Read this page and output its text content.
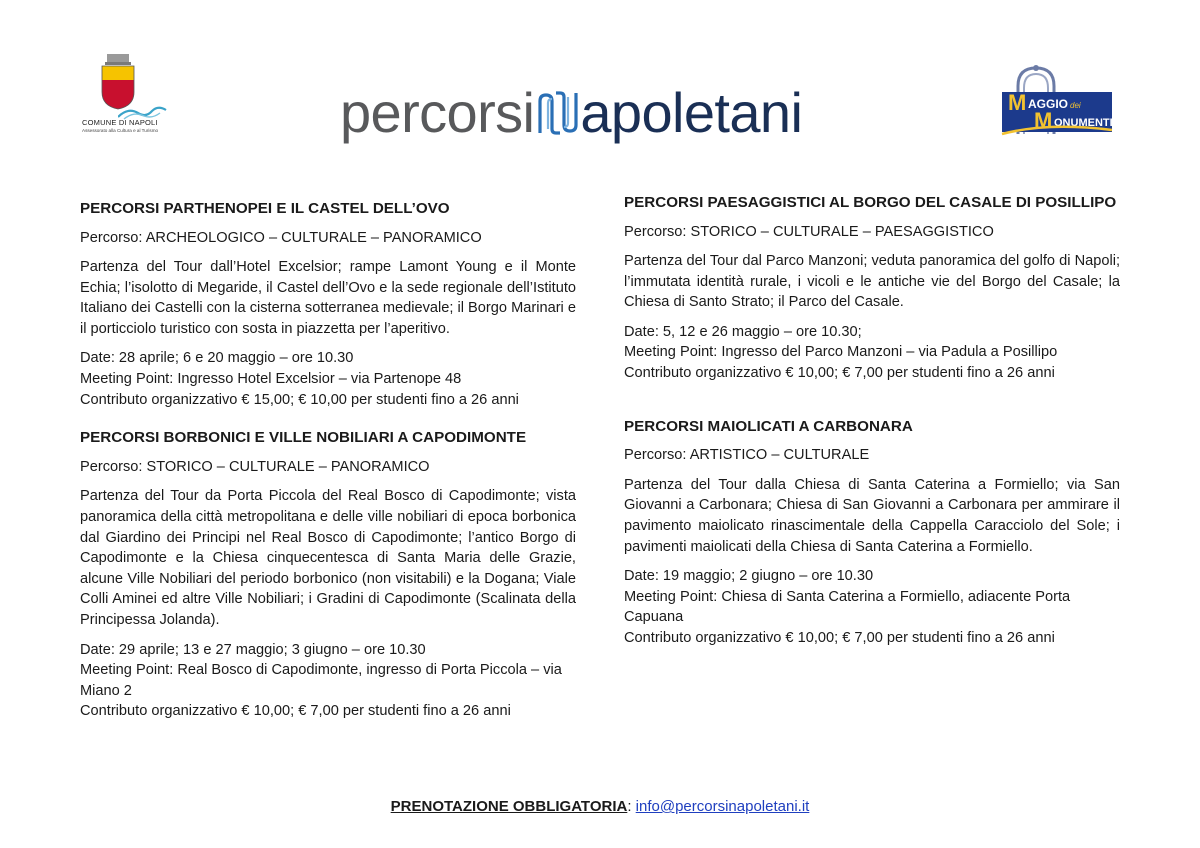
COMUNE DI NAPOLI
Assessorato alla Cultura e al Turismo	percorsi apoletani	M AGGIO dei
M ONUMENTI
PERCORSI PARTHENOPEI E IL CASTEL DELL’OVO
Percorso: ARCHEOLOGICO – CULTURALE – PANORAMICO
Partenza del Tour dall’Hotel Excelsior; rampe Lamont Young e il Monte Echia; l’isolotto di Megaride, il Castel dell’Ovo e la sede regionale dell’Istituto Italiano dei Castelli con la cisterna sotterranea medievale; il Borgo Marinari e il porticciolo turistico con sosta in piazzetta per l’aperitivo.
Date: 28 aprile; 6 e 20 maggio – ore 10.30
Meeting Point: Ingresso Hotel Excelsior – via Partenope 48
Contributo organizzativo € 15,00; € 10,00 per studenti fino a 26 anni
PERCORSI BORBONICI E VILLE NOBILIARI A CAPODIMONTE
Percorso: STORICO – CULTURALE – PANORAMICO
Partenza del Tour da Porta Piccola del Real Bosco di Capodimonte; vista panoramica della città metropolitana e delle ville nobiliari di epoca borbonica dal Giardino dei Principi nel Real Bosco di Capodimonte; l’antico Borgo di Capodimonte e la Chiesa cinquecentesca di Santa Maria delle Grazie, alcune Ville Nobiliari del periodo borbonico (non visitabili) e la Dogana; Viale Colli Aminei ed altre Ville Nobiliari; i Gradini di Capodimonte (Scalinata della Principessa Jolanda).
Date: 29 aprile; 13 e 27 maggio; 3 giugno – ore 10.30
Meeting Point: Real Bosco di Capodimonte, ingresso di Porta Piccola – via Miano 2
Contributo organizzativo € 10,00; € 7,00 per studenti fino a 26 anni
PERCORSI PAESAGGISTICI AL BORGO DEL CASALE DI POSILLIPO
Percorso: STORICO – CULTURALE – PAESAGGISTICO
Partenza del Tour dal Parco Manzoni; veduta panoramica del golfo di Napoli; l’immutata identità rurale, i vicoli e le antiche vie del Borgo del Casale; la Chiesa di Santo Strato; il Parco del Casale.
Date: 5, 12 e 26 maggio – ore 10.30;
Meeting Point: Ingresso del Parco Manzoni – via Padula a Posillipo
Contributo organizzativo € 10,00; € 7,00 per studenti fino a 26 anni
PERCORSI MAIOLICATI A CARBONARA
Percorso: ARTISTICO – CULTURALE
Partenza del Tour dalla Chiesa di Santa Caterina a Formiello; via San Giovanni a Carbonara; Chiesa di San Giovanni a Carbonara per ammirare il pavimento maiolicato rinascimentale della Cappella Caracciolo del Sole; i pavimenti maiolicati della Chiesa di Santa Caterina a Formiello.
Date: 19 maggio; 2 giugno – ore 10.30
Meeting Point: Chiesa di Santa Caterina a Formiello, adiacente Porta Capuana
Contributo organizzativo € 10,00; € 7,00 per studenti fino a 26 anni
PRENOTAZIONE OBBLIGATORIA: info@percorsinapoletani.it
